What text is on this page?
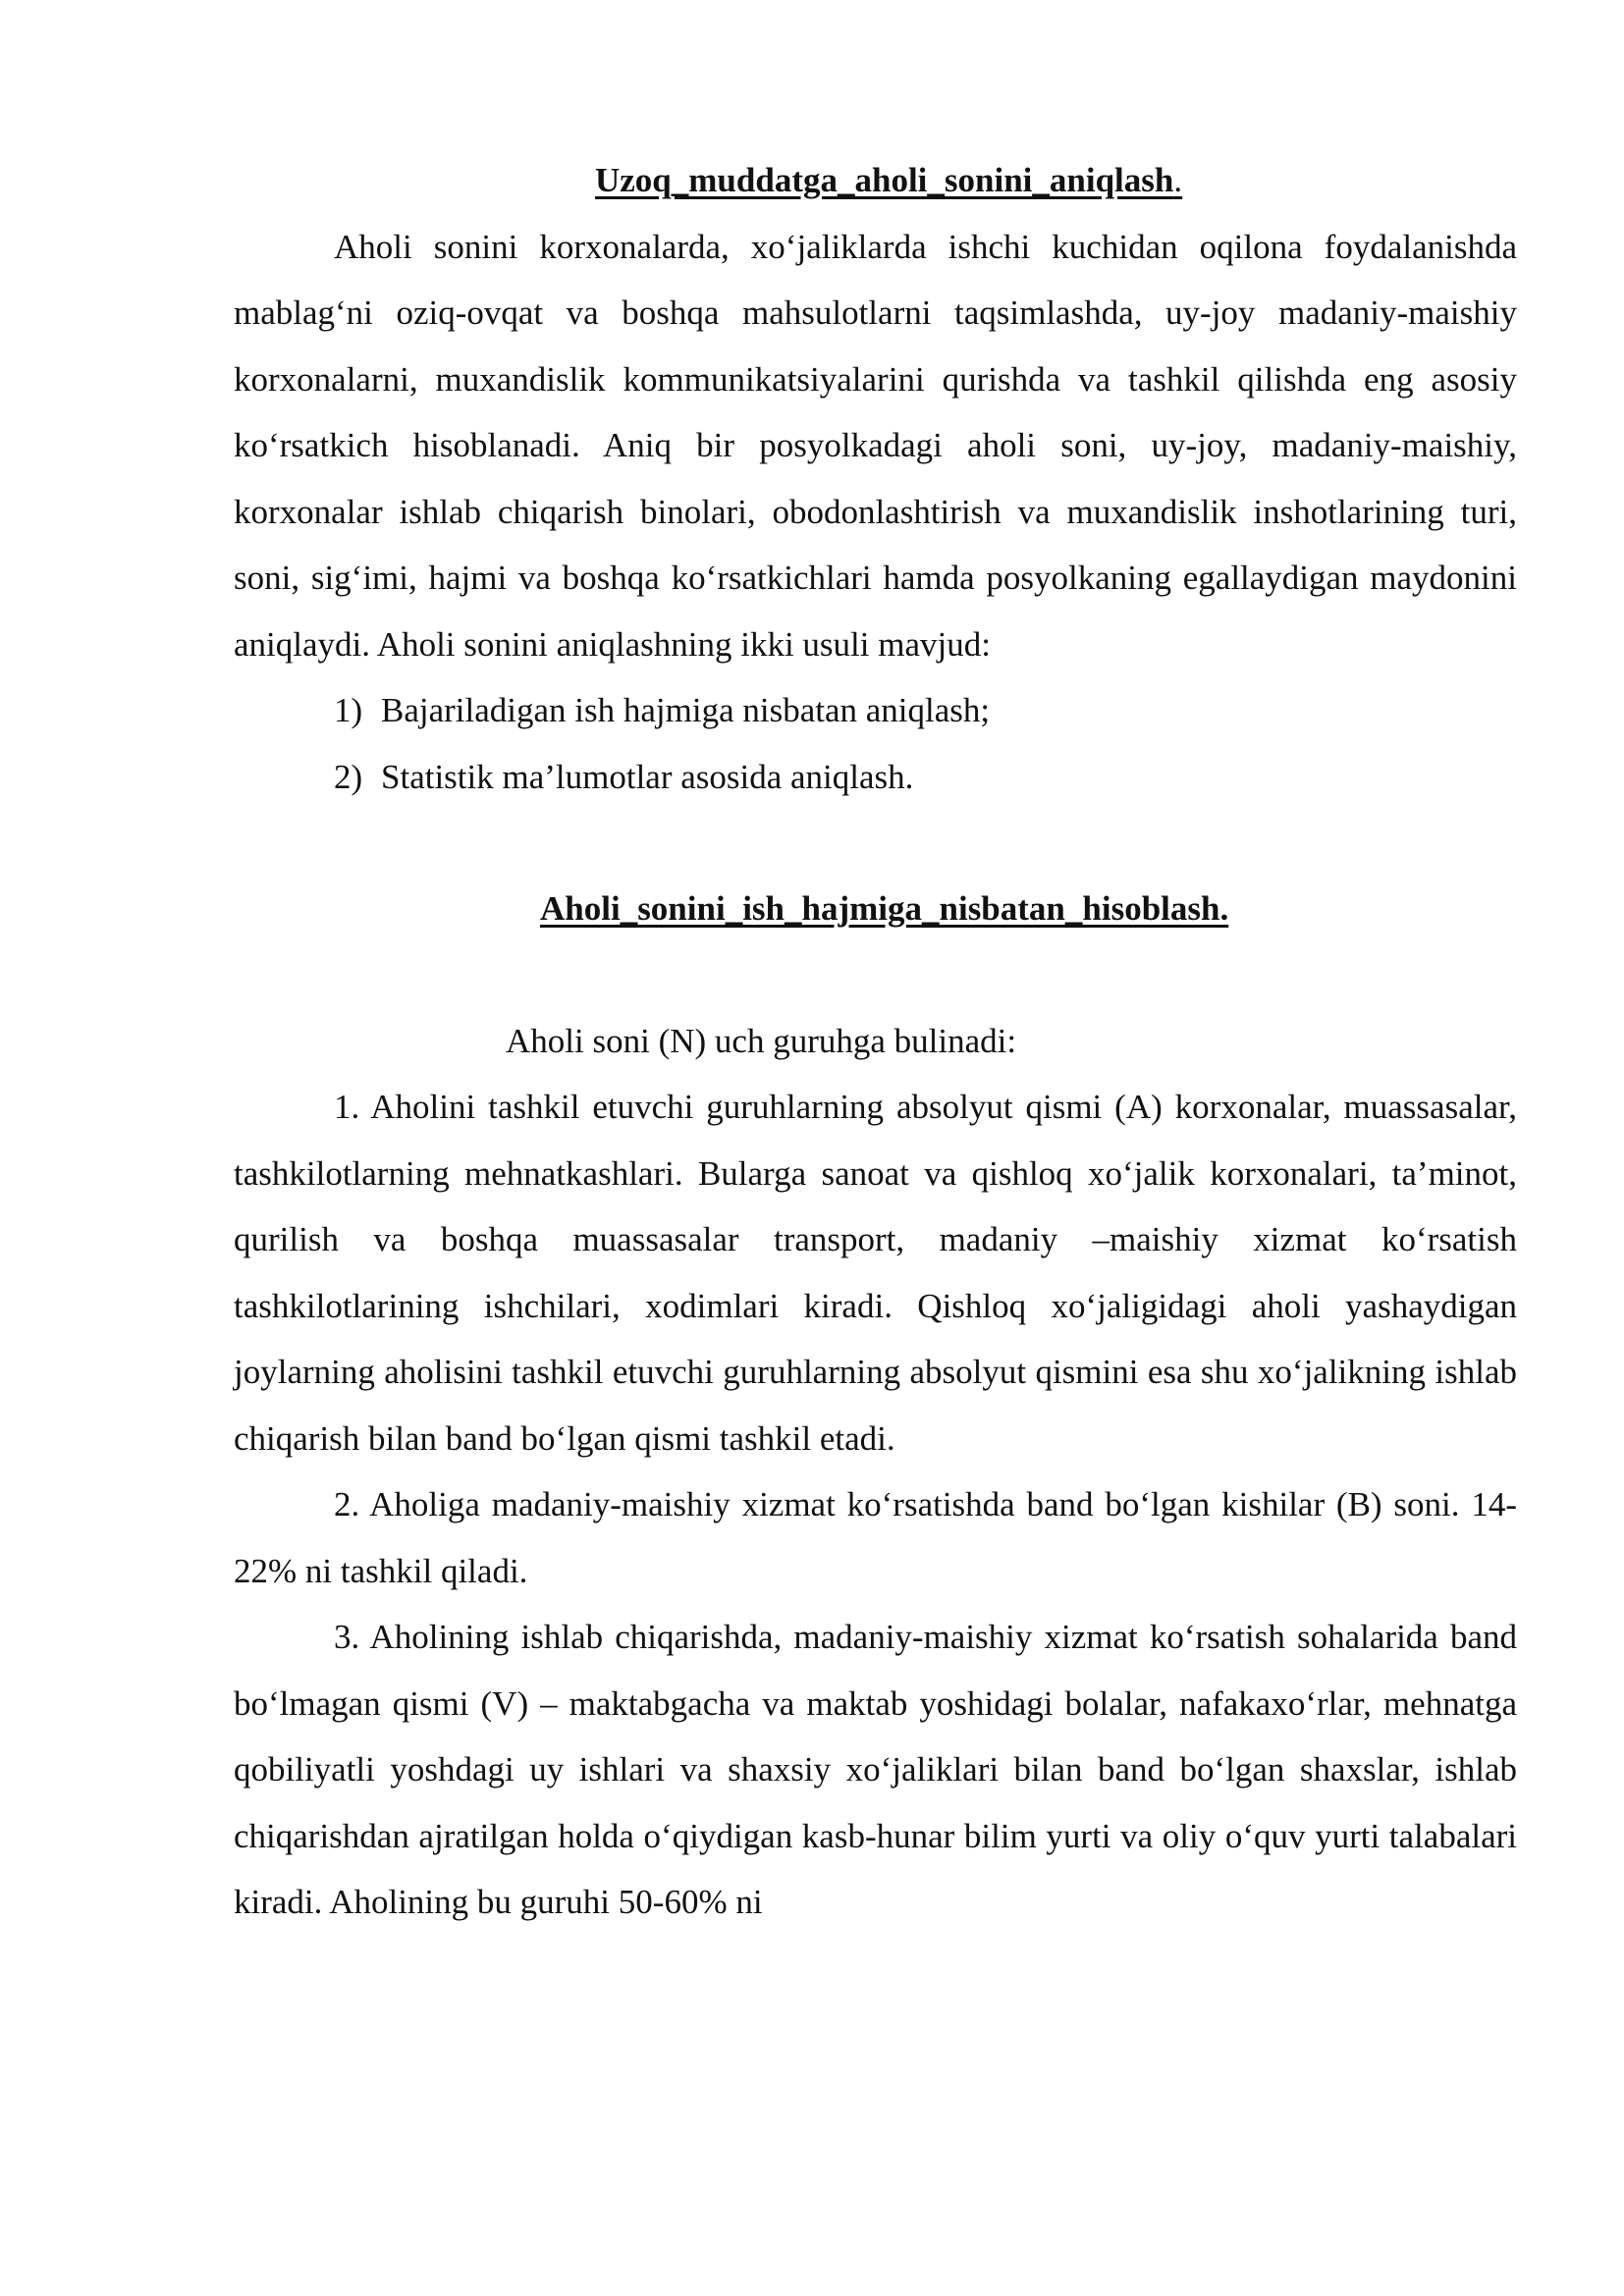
Uzoq_muddatga_aholi_sonini_aniqlash.

Aholi sonini korxonalarda, xo‘jaliklarda ishchi kuchidan oqilona foydalanishda mablag‘ni oziq-ovqat va boshqa mahsulotlarni taqsimlashda, uy-joy madaniy-maishiy korxonalarni, muxandislik kommunikatsiyalarini qurishda va tashkil qilishda eng asosiy ko‘rsatkich hisoblanadi. Aniq bir posyolkadagi aholi soni, uy-joy, madaniy-maishiy, korxonalar ishlab chiqarish binolari, obodonlashtirish va muxandislik inshotlarining turi, soni, sig‘imi, hajmi va boshqa ko‘rsatkichlari hamda posyolkaning egallaydigan maydonini aniqlaydi. Aholi sonini aniqlashning ikki usuli mavjud:

1) Bajariladigan ish hajmiga nisbatan aniqlash;
2) Statistik ma’lumotlar asosida aniqlash.
Aholi_sonini_ish_hajmiga_nisbatan_hisoblash.

Aholi soni (N) uch guruhga bulinadi:

1. Aholini tashkil etuvchi guruhlarning absolyut qismi (A) korxonalar, muassasalar, tashkilotlarning mehnatkashlari. Bularga sanoat va qishloq xo‘jalik korxonalari, ta’minot, qurilish va boshqa muassasalar transport, madaniy –maishiy xizmat ko‘rsatish tashkilotlarining ishchilari, xodimlari kiradi. Qishloq xo‘jaligidagi aholi yashaydigan joylarning aholisini tashkil etuvchi guruhlarning absolyut qismini esa shu xo‘jalikning ishlab chiqarish bilan band bo‘lgan qismi tashkil etadi.

2. Aholiga madaniy-maishiy xizmat ko‘rsatishda band bo‘lgan kishilar (B) soni. 14-22% ni tashkil qiladi.

3. Aholining ishlab chiqarishda, madaniy-maishiy xizmat ko‘rsatish sohalarida band bo‘lmagan qismi (V) – maktabgacha va maktab yoshidagi bolalar, nafakaxo‘rlar, mehnatga qobiliyatli yoshdagi uy ishlari va shaxsiy xo‘jaliklari bilan band bo‘lgan shaxslar, ishlab chiqarishdan ajratilgan holda o‘qiydigan kasb-hunar bilim yurti va oliy o‘quv yurti talabalari kiradi. Aholining bu guruhi 50-60% ni
